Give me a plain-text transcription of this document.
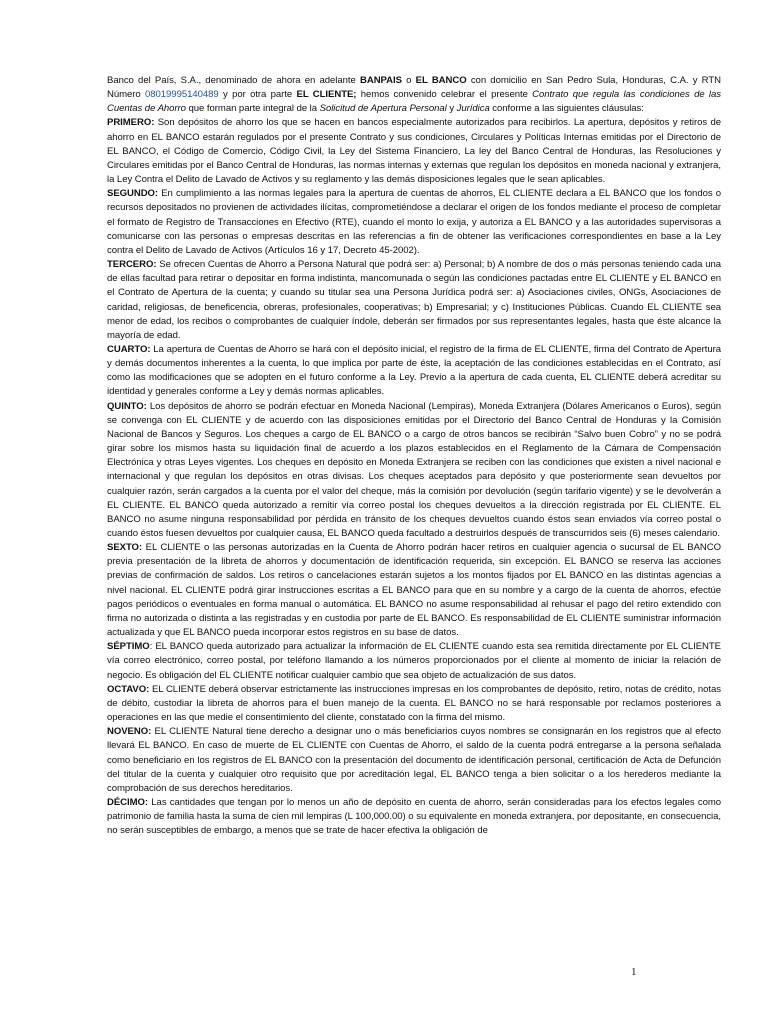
Banco del País, S.A., denominado de ahora en adelante BANPAIS o EL BANCO con domicilio en San Pedro Sula, Honduras, C.A. y RTN Número 08019995140489 y por otra parte EL CLIENTE; hemos convenido celebrar el presente Contrato que regula las condiciones de las Cuentas de Ahorro que forman parte integral de la Solicitud de Apertura Personal y Jurídica conforme a las siguientes cláusulas:

PRIMERO: Son depósitos de ahorro los que se hacen en bancos especialmente autorizados para recibirlos. La apertura, depósitos y retiros de ahorro en EL BANCO estarán regulados por el presente Contrato y sus condiciones, Circulares y Políticas Internas emitidas por el Directorio de EL BANCO, el Código de Comercio, Código Civil, la Ley del Sistema Financiero, La ley del Banco Central de Honduras, las Resoluciones y Circulares emitidas por el Banco Central de Honduras, las normas internas y externas que regulan los depósitos en moneda nacional y extranjera, la Ley Contra el Delito de Lavado de Activos y su reglamento y las demás disposiciones legales que le sean aplicables.

SEGUNDO: En cumplimiento a las normas legales para la apertura de cuentas de ahorros, EL CLIENTE declara a EL BANCO que los fondos o recursos depositados no provienen de actividades ilícitas, comprometiéndose a declarar el origen de los fondos mediante el proceso de completar el formato de Registro de Transacciones en Efectivo (RTE), cuando el monto lo exija, y autoriza a EL BANCO y a las autoridades supervisoras a comunicarse con las personas o empresas descritas en las referencias a fin de obtener las verificaciones correspondientes en base a la Ley contra el Delito de Lavado de Activos (Artículos 16 y 17, Decreto 45-2002).

TERCERO: Se ofrecen Cuentas de Ahorro a Persona Natural que podrá ser: a) Personal; b) A nombre de dos o más personas teniendo cada una de ellas facultad para retirar o depositar en forma indistinta, mancomunada o según las condiciones pactadas entre EL CLIENTE y EL BANCO en el Contrato de Apertura de la cuenta; y cuando su titular sea una Persona Jurídica podrá ser: a) Asociaciones civiles, ONGs, Asociaciones de caridad, religiosas, de beneficencia, obreras, profesionales, cooperativas; b) Empresarial; y c) Instituciones Públicas. Cuando EL CLIENTE sea menor de edad, los recibos o comprobantes de cualquier índole, deberán ser firmados por sus representantes legales, hasta que éste alcance la mayoría de edad.

CUARTO: La apertura de Cuentas de Ahorro se hará con el depósito inicial, el registro de la firma de EL CLIENTE, firma del Contrato de Apertura y demás documentos inherentes a la cuenta, lo que implica por parte de éste, la aceptación de las condiciones establecidas en el Contrato, así como las modificaciones que se adopten en el futuro conforme a la Ley. Previo a la apertura de cada cuenta, EL CLIENTE deberá acreditar su identidad y generales conforme a Ley y demás normas aplicables.

QUINTO: Los depósitos de ahorro se podrán efectuar en Moneda Nacional (Lempiras), Moneda Extranjera (Dólares Americanos o Euros), según se convenga con EL CLIENTE y de acuerdo con las disposiciones emitidas por el Directorio del Banco Central de Honduras y la Comisión Nacional de Bancos y Seguros. Los cheques a cargo de EL BANCO o a cargo de otros bancos se recibirán “Salvo buen Cobro” y no se podrá girar sobre los mismos hasta su liquidación final de acuerdo a los plazos establecidos en el Reglamento de la Cámara de Compensación Electrónica y otras Leyes vigentes. Los cheques en depósito en Moneda Extranjera se reciben con las condiciones que existen a nivel nacional e internacional y que regulan los depósitos en otras divisas. Los cheques aceptados para depósito y que posteriormente sean devueltos por cualquier razón, serán cargados a la cuenta por el valor del cheque, más la comisión por devolución (según tarifario vigente) y se le devolverán a EL CLIENTE. EL BANCO queda autorizado a remitir vía correo postal los cheques devueltos a la dirección registrada por EL CLIENTE. EL BANCO no asume ninguna responsabilidad por pérdida en tránsito de los cheques devueltos cuando éstos sean enviados vía correo postal o cuando éstos fuesen devueltos por cualquier causa, EL BANCO queda facultado a destruirlos después de transcurridos seis (6) meses calendario.

SEXTO: EL CLIENTE o las personas autorizadas en la Cuenta de Ahorro podrán hacer retiros en cualquier agencia o sucursal de EL BANCO previa presentación de la libreta de ahorros y documentación de identificación requerida, sin excepción. EL BANCO se reserva las acciones previas de confirmación de saldos. Los retiros o cancelaciones estarán sujetos a los montos fijados por EL BANCO en las distintas agencias a nivel nacional. EL CLIENTE podrá girar instrucciones escritas a EL BANCO para que en su nombre y a cargo de la cuenta de ahorros, efectúe pagos periódicos o eventuales en forma manual o automática. EL BANCO no asume responsabilidad al rehusar el pago del retiro extendido con firma no autorizada o distinta a las registradas y en custodia por parte de EL BANCO. Es responsabilidad de EL CLIENTE suministrar información actualizada y que EL BANCO pueda incorporar estos registros en su base de datos.

SÉPTIMO: EL BANCO queda autorizado para actualizar la información de EL CLIENTE cuando esta sea remitida directamente por EL CLIENTE vía correo electrónico, correo postal, por teléfono llamando a los números proporcionados por el cliente al momento de iniciar la relación de negocio. Es obligación del EL CLIENTE notificar cualquier cambio que sea objeto de actualización de sus datos.

OCTAVO: EL CLIENTE deberá observar estrictamente las instrucciones impresas en los comprobantes de depósito, retiro, notas de crédito, notas de débito, custodiar la libreta de ahorros para el buen manejo de la cuenta. EL BANCO no se hará responsable por reclamos posteriores a operaciones en las que medie el consentimiento del cliente, constatado con la firma del mismo.

NOVENO: EL CLIENTE Natural tiene derecho a designar uno o más beneficiarios cuyos nombres se consignarán en los registros que al efecto llevará EL BANCO. En caso de muerte de EL CLIENTE con Cuentas de Ahorro, el saldo de la cuenta podrá entregarse a la persona señalada como beneficiario en los registros de EL BANCO con la presentación del documento de identificación personal, certificación de Acta de Defunción del titular de la cuenta y cualquier otro requisito que por acreditación legal, EL BANCO tenga a bien solicitar o a los herederos mediante la comprobación de sus derechos hereditarios.

DÉCIMO: Las cantidades que tengan por lo menos un año de depósito en cuenta de ahorro, serán consideradas para los efectos legales como patrimonio de familia hasta la suma de cien mil lempiras (L 100,000.00) o su equivalente en moneda extranjera, por depositante, en consecuencia, no serán susceptibles de embargo, a menos que se trate de hacer efectiva la obligación de

1
